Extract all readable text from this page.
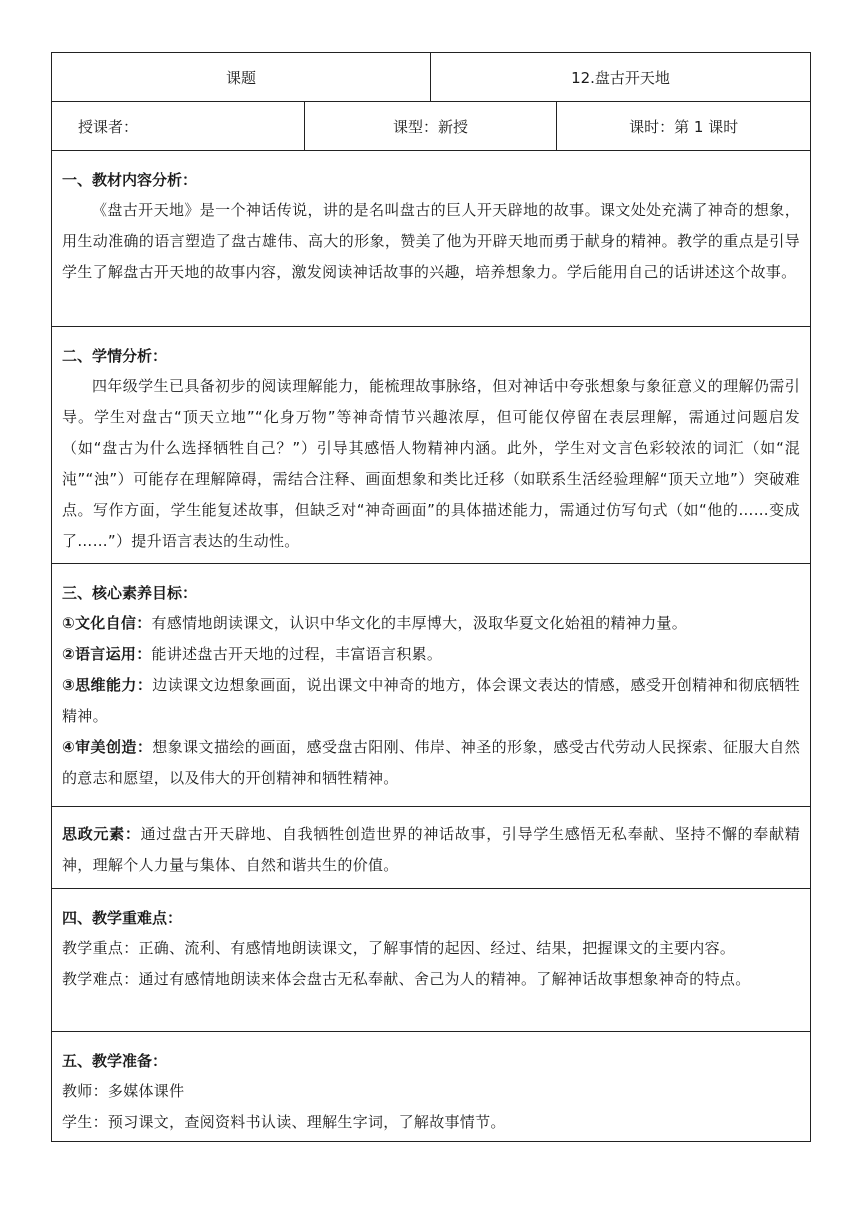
课题	12.盘古开天地
授课者：	课型：新授	课时：第 1 课时
一、教材内容分析：

《盘古开天地》是一个神话传说，讲的是名叫盘古的巨人开天辟地的故事。课文处处充满了神奇的想象，用生动准确的语言塑造了盘古雄伟、高大的形象，赞美了他为开辟天地而勇于献身的精神。教学的重点是引导学生了解盘古开天地的故事内容，激发阅读神话故事的兴趣，培养想象力。学后能用自己的话讲述这个故事。

二、学情分析：

四年级学生已具备初步的阅读理解能力，能梳理故事脉络，但对神话中夸张想象与象征意义的理解仍需引导。学生对盘古“顶天立地”“化身万物”等神奇情节兴趣浓厚，但可能仅停留在表层理解，需通过问题启发（如“盘古为什么选择牺牲自己？”）引导其感悟人物精神内涵。此外，学生对文言色彩较浓的词汇（如“混沌”“浊”）可能存在理解障碍，需结合注释、画面想象和类比迁移（如联系生活经验理解“顶天立地”）突破难点。写作方面，学生能复述故事，但缺乏对“神奇画面”的具体描述能力，需通过仿写句式（如“他的……变成了……”）提升语言表达的生动性。

三、核心素养目标：

①文化自信：有感情地朗读课文，认识中华文化的丰厚博大，汲取华夏文化始祖的精神力量。

②语言运用：能讲述盘古开天地的过程，丰富语言积累。

③思维能力：边读课文边想象画面，说出课文中神奇的地方，体会课文表达的情感，感受开创精神和彻底牺牲精神。

④审美创造：想象课文描绘的画面，感受盘古阳刚、伟岸、神圣的形象，感受古代劳动人民探索、征服大自然的意志和愿望，以及伟大的开创精神和牺牲精神。

思政元素：通过盘古开天辟地、自我牺牲创造世界的神话故事，引导学生感悟无私奉献、坚持不懈的奉献精神，理解个人力量与集体、自然和谐共生的价值。

四、教学重难点：

教学重点：正确、流利、有感情地朗读课文，了解事情的起因、经过、结果，把握课文的主要内容。

教学难点：通过有感情地朗读来体会盘古无私奉献、舍己为人的精神。了解神话故事想象神奇的特点。

五、教学准备：

教师：多媒体课件

学生：预习课文，查阅资料书认读、理解生字词，了解故事情节。
